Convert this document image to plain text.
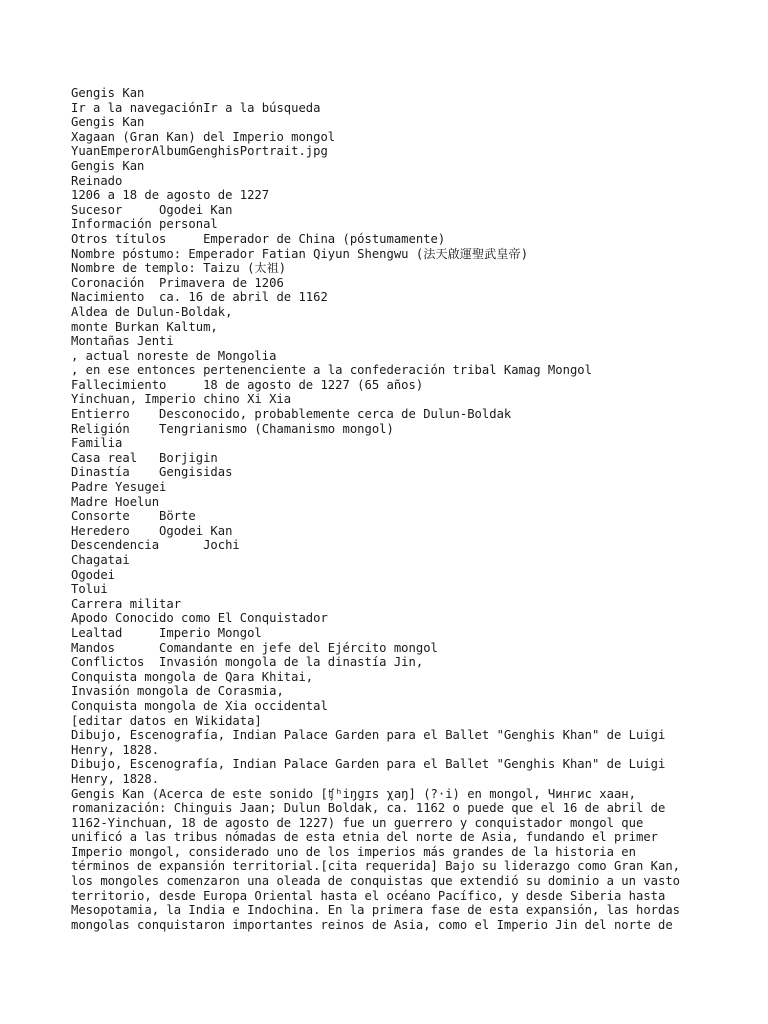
Gengis Kan
Ir a la navegaciónIr a la búsqueda
Gengis Kan
Xagaan (Gran Kan) del Imperio mongol
YuanEmperorAlbumGenghisPortrait.jpg
Gengis Kan
Reinado
1206 a 18 de agosto de 1227
Sucesor     Ogodei Kan
Información personal
Otros títulos     Emperador de China (póstumamente)
Nombre póstumo: Emperador Fatian Qiyun Shengwu (法天啟運聖武皇帝)
Nombre de templo: Taizu (太祖)
Coronación  Primavera de 1206
Nacimiento  ca. 16 de abril de 1162
Aldea de Dulun-Boldak,
monte Burkan Kaltum,
Montañas Jenti
, actual noreste de Mongolia
, en ese entonces pertenenciente a la confederación tribal Kamag Mongol
Fallecimiento     18 de agosto de 1227 (65 años)
Yinchuan, Imperio chino Xi Xia
Entierro    Desconocido, probablemente cerca de Dulun-Boldak
Religión    Tengrianismo (Chamanismo mongol)
Familia
Casa real   Borjigin
Dinastía    Gengisidas
Padre Yesugei
Madre Hoelun
Consorte    Börte
Heredero    Ogodei Kan
Descendencia      Jochi
Chagatai
Ogodei
Tolui
Carrera militar
Apodo Conocido como El Conquistador
Lealtad     Imperio Mongol
Mandos      Comandante en jefe del Ejército mongol
Conflictos  Invasión mongola de la dinastía Jin,
Conquista mongola de Qara Khitai,
Invasión mongola de Corasmia,
Conquista mongola de Xia occidental
[editar datos en Wikidata]
Dibujo, Escenografía, Indian Palace Garden para el Ballet "Genghis Khan" de Luigi
Henry, 1828.
Dibujo, Escenografía, Indian Palace Garden para el Ballet "Genghis Khan" de Luigi
Henry, 1828.
Gengis Kan (Acerca de este sonido [ʧʰiŋɡɪs χaŋ] (?·i) en mongol, Чингис хаан,
romanización: Chinguis Jaan; Dulun Boldak, ca. 1162 o puede que el 16 de abril de
1162-Yinchuan, 18 de agosto de 1227) fue un guerrero y conquistador mongol que
unificó a las tribus nómadas de esta etnia del norte de Asia, fundando el primer
Imperio mongol, considerado uno de los imperios más grandes de la historia en
términos de expansión territorial.[cita requerida] Bajo su liderazgo como Gran Kan,
los mongoles comenzaron una oleada de conquistas que extendió su dominio a un vasto
territorio, desde Europa Oriental hasta el océano Pacífico, y desde Siberia hasta
Mesopotamia, la India e Indochina. En la primera fase de esta expansión, las hordas
mongolas conquistaron importantes reinos de Asia, como el Imperio Jin del norte de
